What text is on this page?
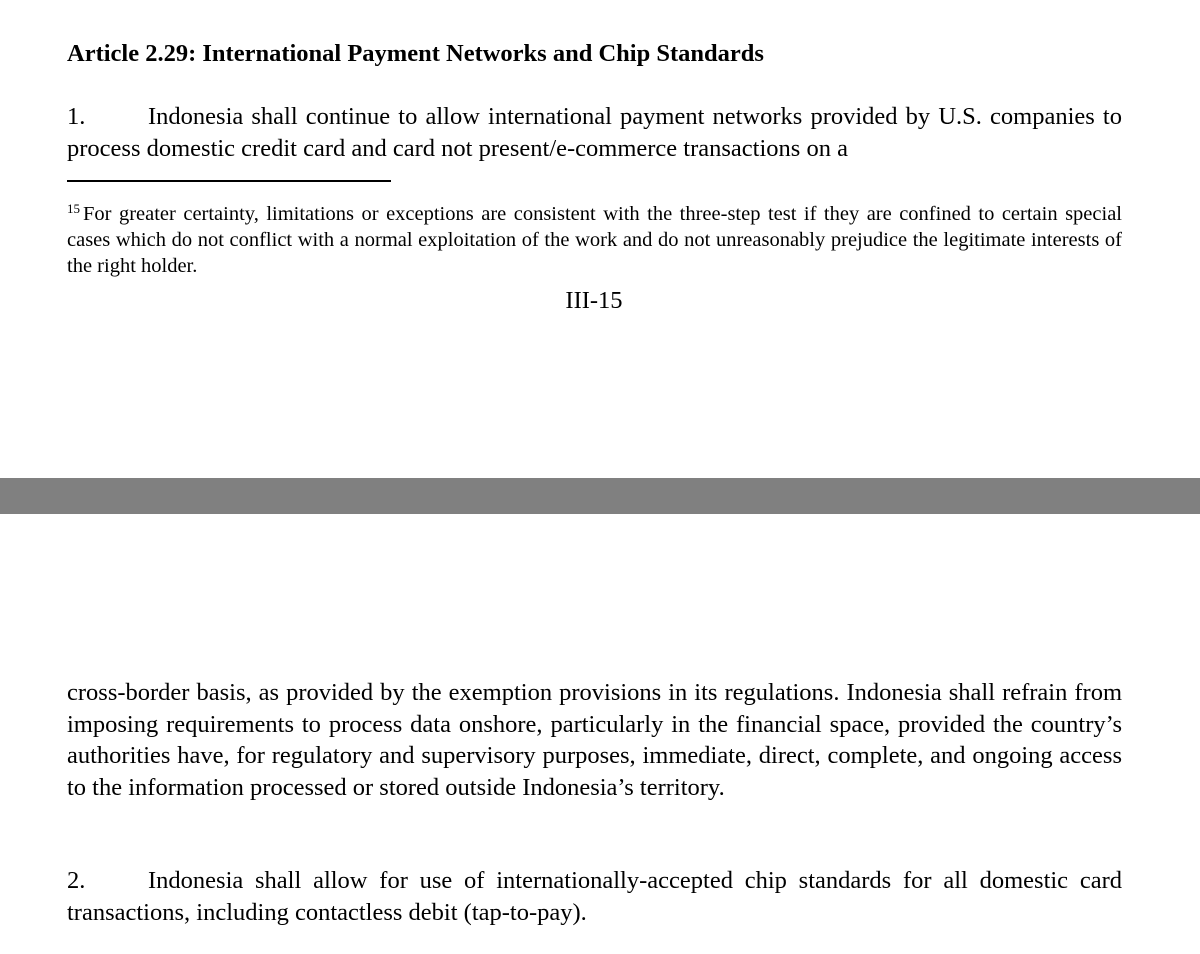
Article 2.29: International Payment Networks and Chip Standards

1.	Indonesia shall continue to allow international payment networks provided by U.S. companies to process domestic credit card and card not present/e-commerce transactions on a

$^{15}$ For greater certainty, limitations or exceptions are consistent with the three-step test if they are confined to certain special cases which do not conflict with a normal exploitation of the work and do not unreasonably prejudice the legitimate interests of the right holder.

III-15

cross-border basis, as provided by the exemption provisions in its regulations. Indonesia shall refrain from imposing requirements to process data onshore, particularly in the financial space, provided the country’s authorities have, for regulatory and supervisory purposes, immediate, direct, complete, and ongoing access to the information processed or stored outside Indonesia’s territory.

2.	Indonesia shall allow for use of internationally-accepted chip standards for all domestic card transactions, including contactless debit (tap-to-pay).
